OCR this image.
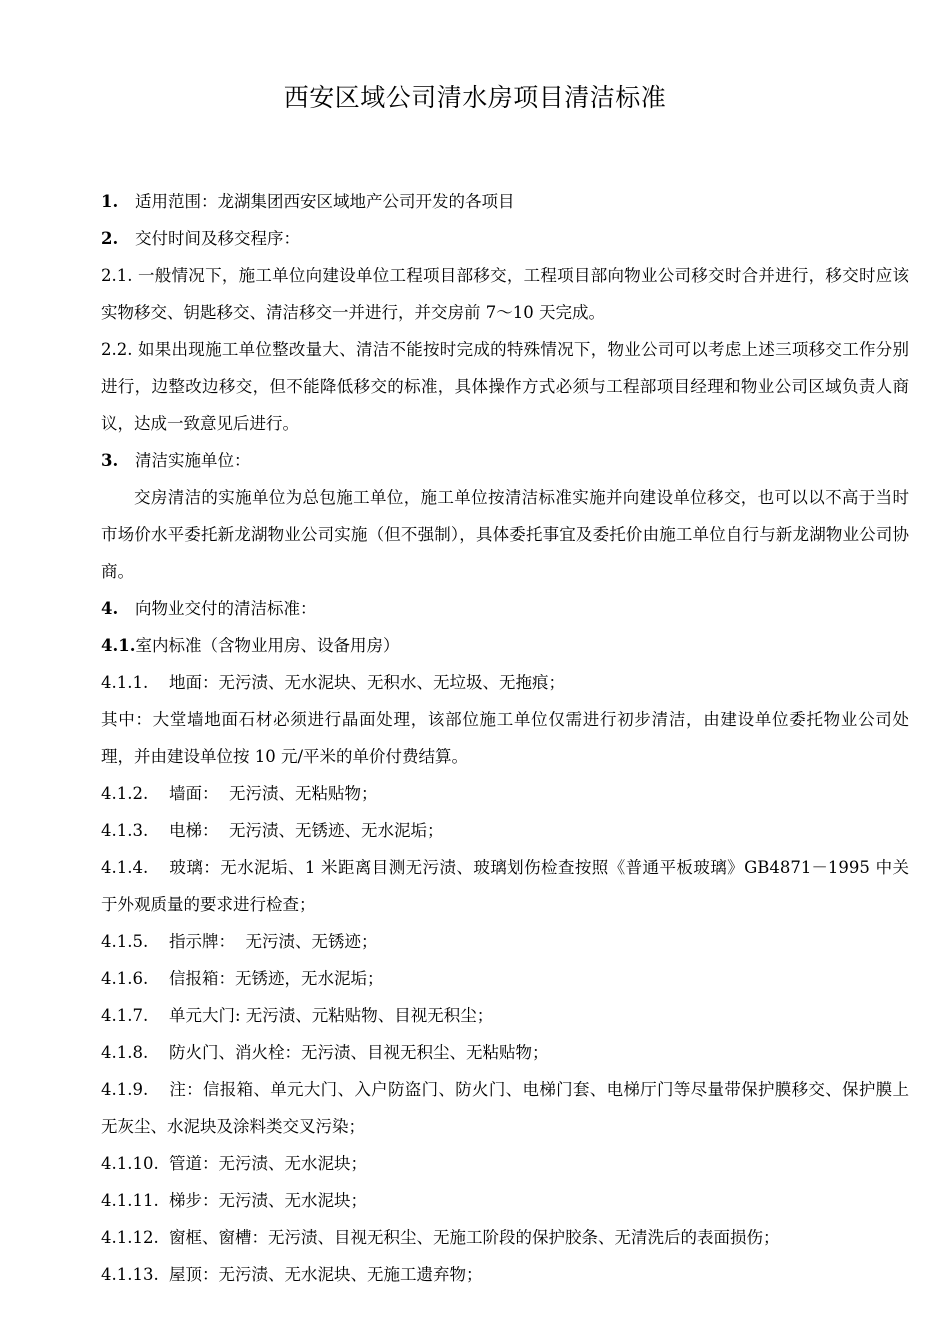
西安区域公司清水房项目清洁标准

1. 适用范围：龙湖集团西安区域地产公司开发的各项目

2. 交付时间及移交程序：

2.1. 一般情况下，施工单位向建设单位工程项目部移交，工程项目部向物业公司移交时合并进行，移交时应该实物移交、钥匙移交、清洁移交一并进行，并交房前 7～10 天完成。

2.2. 如果出现施工单位整改量大、清洁不能按时完成的特殊情况下，物业公司可以考虑上述三项移交工作分别进行，边整改边移交，但不能降低移交的标准，具体操作方式必须与工程部项目经理和物业公司区域负责人商议，达成一致意见后进行。

3. 清洁实施单位：

交房清洁的实施单位为总包施工单位，施工单位按清洁标准实施并向建设单位移交，也可以以不高于当时市场价水平委托新龙湖物业公司实施（但不强制），具体委托事宜及委托价由施工单位自行与新龙湖物业公司协商。

4. 向物业交付的清洁标准：

4.1.室内标准（含物业用房、设备用房）

4.1.1. 地面：无污渍、无水泥块、无积水、无垃圾、无拖痕；

其中：大堂墙地面石材必须进行晶面处理，该部位施工单位仅需进行初步清洁，由建设单位委托物业公司处理，并由建设单位按 10 元/平米的单价付费结算。

4.1.2. 墙面：  无污渍、无粘贴物；

4.1.3. 电梯：  无污渍、无锈迹、无水泥垢；

4.1.4. 玻璃：无水泥垢、1 米距离目测无污渍、玻璃划伤检查按照《普通平板玻璃》GB4871－1995 中关于外观质量的要求进行检查；

4.1.5. 指示牌：  无污渍、无锈迹；

4.1.6. 信报箱：无锈迹，无水泥垢；

4.1.7. 单元大门: 无污渍、元粘贴物、目视无积尘；

4.1.8. 防火门、消火栓：无污渍、目视无积尘、无粘贴物；

4.1.9. 注：信报箱、单元大门、入户防盗门、防火门、电梯门套、电梯厅门等尽量带保护膜移交、保护膜上无灰尘、水泥块及涂料类交叉污染；

4.1.10. 管道：无污渍、无水泥块；

4.1.11. 梯步：无污渍、无水泥块；

4.1.12. 窗框、窗槽：无污渍、目视无积尘、无施工阶段的保护胶条、无清洗后的表面损伤；

4.1.13. 屋顶：无污渍、无水泥块、无施工遗弃物；
